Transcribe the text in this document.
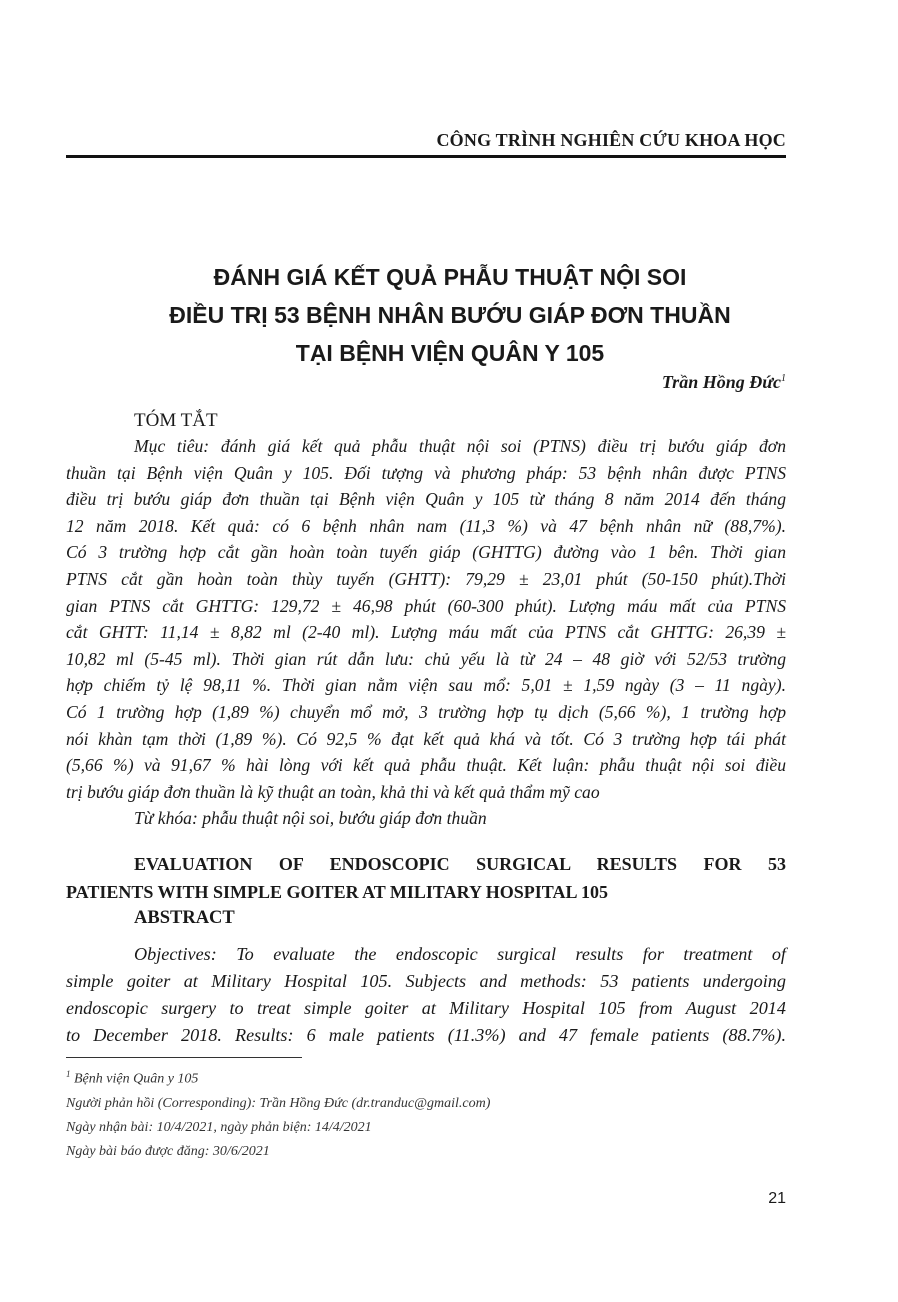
CÔNG TRÌNH NGHIÊN CỨU KHOA HỌC
ĐÁNH GIÁ KẾT QUẢ PHẪU THUẬT NỘI SOI
ĐIỀU TRỊ 53 BỆNH NHÂN BƯỚU GIÁP ĐƠN THUẦN
TẠI BỆNH VIỆN QUÂN Y 105
Trần Hồng Đức$^1$
TÓM TẮT
Mục tiêu: đánh giá kết quả phẫu thuật nội soi (PTNS) điều trị bướu giáp đơn
thuần tại Bệnh viện Quân y 105. Đối tượng và phương pháp: 53 bệnh nhân được PTNS
điều trị bướu giáp đơn thuần tại Bệnh viện Quân y 105 từ tháng 8 năm 2014 đến tháng
12 năm 2018. Kết quả: có 6 bệnh nhân nam (11,3 %) và 47 bệnh nhân nữ (88,7%).
Có 3 trường hợp cắt gần hoàn toàn tuyến giáp (GHTTG) đường vào 1 bên. Thời gian
PTNS cắt gần hoàn toàn thùy tuyến (GHTT): 79,29 ± 23,01 phút (50-150 phút).Thời
gian PTNS cắt GHTTG: 129,72 ± 46,98 phút (60-300 phút). Lượng máu mất của PTNS
cắt GHTT: 11,14 ± 8,82 ml (2-40 ml). Lượng máu mất của PTNS cắt GHTTG: 26,39 ±
10,82 ml (5-45 ml). Thời gian rút dẫn lưu: chủ yếu là từ 24 – 48 giờ với 52/53 trường
hợp chiếm tỷ lệ 98,11 %. Thời gian nằm viện sau mổ: 5,01 ± 1,59 ngày (3 – 11 ngày).
Có 1 trường hợp (1,89 %) chuyển mổ mở, 3 trường hợp tụ dịch (5,66 %), 1 trường hợp
nói khàn tạm thời (1,89 %). Có 92,5 % đạt kết quả khá và tốt. Có 3 trường hợp tái phát
(5,66 %) và 91,67 % hài lòng với kết quả phẫu thuật. Kết luận: phẫu thuật nội soi điều
trị bướu giáp đơn thuần là kỹ thuật an toàn, khả thi và kết quả thẩm mỹ cao
Từ khóa: phẫu thuật nội soi, bướu giáp đơn thuần
EVALUATION OF ENDOSCOPIC SURGICAL RESULTS FOR 53
PATIENTS WITH SIMPLE GOITER AT MILITARY HOSPITAL 105
ABSTRACT
Objectives: To evaluate the endoscopic surgical results for treatment of
simple goiter at Military Hospital 105. Subjects and methods: 53 patients undergoing
endoscopic surgery to treat simple goiter at Military Hospital 105 from August 2014
to December 2018. Results: 6 male patients (11.3%) and 47 female patients (88.7%).
$^1$ Bệnh viện Quân y 105
Người phản hồi (Corresponding): Trần Hồng Đức (dr.tranduc@gmail.com)
Ngày nhận bài: 10/4/2021, ngày phản biện: 14/4/2021
Ngày bài báo được đăng: 30/6/2021
21
